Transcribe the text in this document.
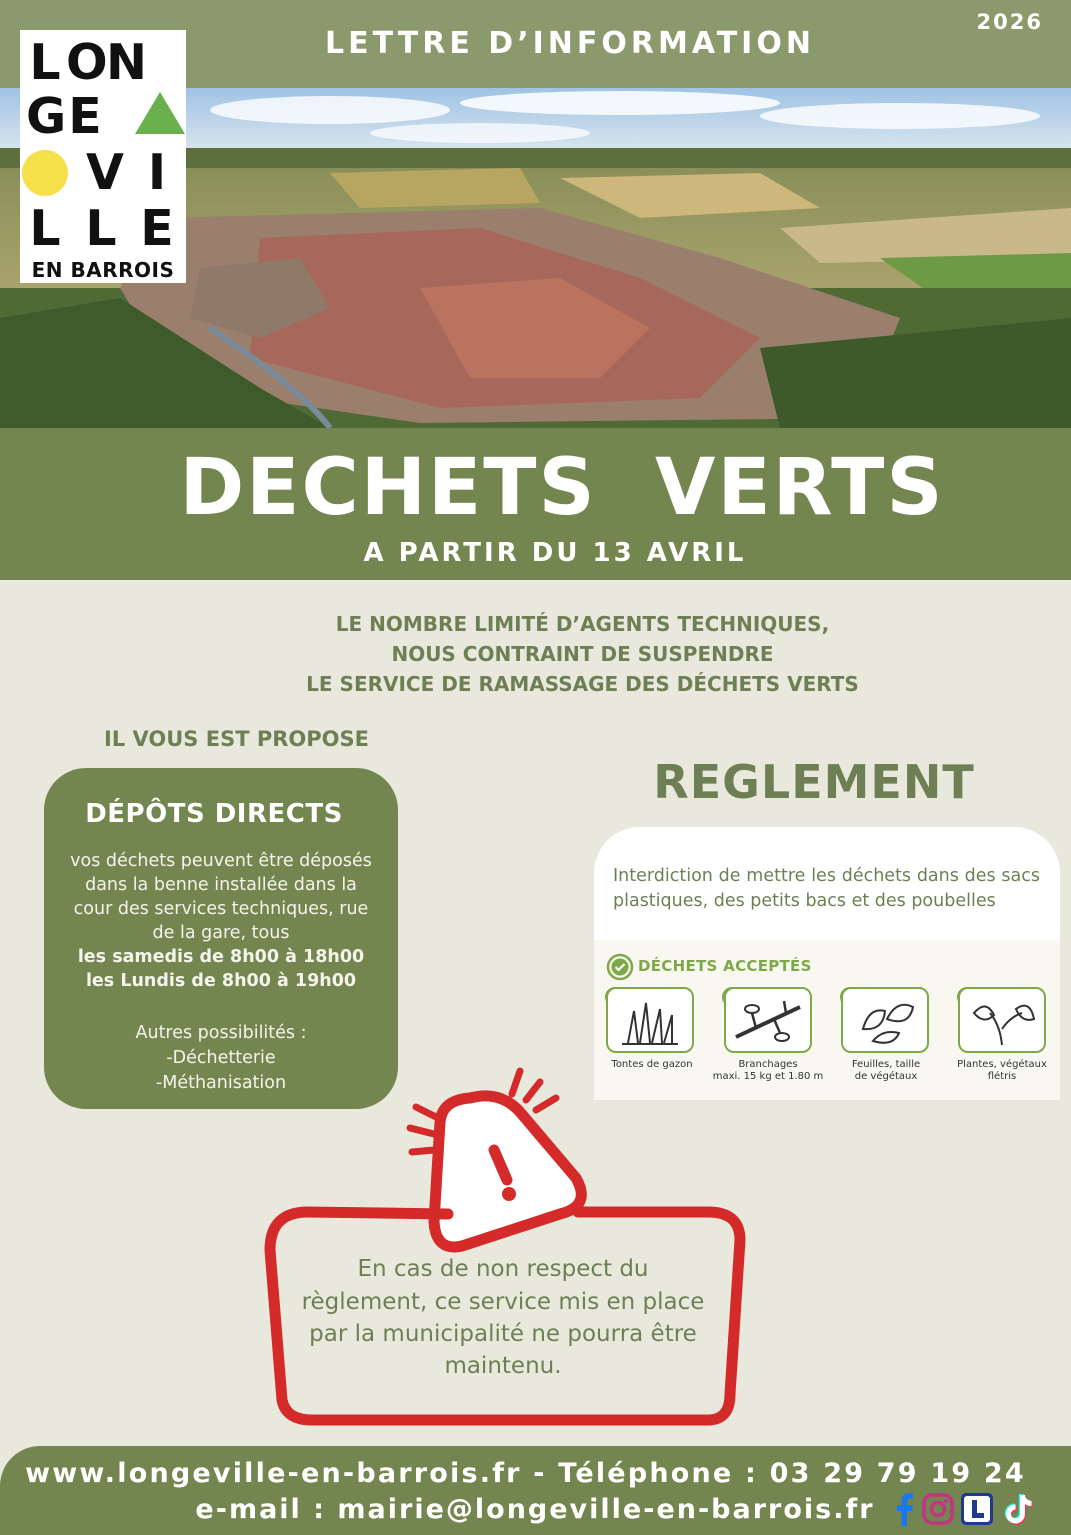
LETTRE D’INFORMATION
2026
L O
N
G E
V I
L L E
EN BARROIS
DECHETS  VERTS
A PARTIR DU 13 AVRIL
LE NOMBRE LIMITÉ D’AGENTS TECHNIQUES,
NOUS CONTRAINT DE SUSPENDRE
LE SERVICE DE RAMASSAGE DES DÉCHETS VERTS
IL VOUS EST PROPOSE
DÉPÔTS DIRECTS
vos déchets peuvent être déposés
dans la benne installée dans la
cour des services techniques, rue
de la gare, tous
les samedis de 8h00 à 18h00
les Lundis de 8h00 à 19h00
Autres possibilités :
-Déchetterie
-Méthanisation
REGLEMENT
Interdiction de mettre les déchets dans des sacs plastiques, des petits bacs et des poubelles
DÉCHETS ACCEPTÉS
Tontes de gazon	Branchages
maxi. 15 kg et 1.80 m
Feuilles, taille
de végétaux
Plantes, végétaux
flétris
En cas de non respect du
règlement, ce service mis en place
par la municipalité ne pourra être
maintenu.
www.longeville-en-barrois.fr - Téléphone : 03 29 79 19 24
e-mail : mairie@longeville-en-barrois.fr
